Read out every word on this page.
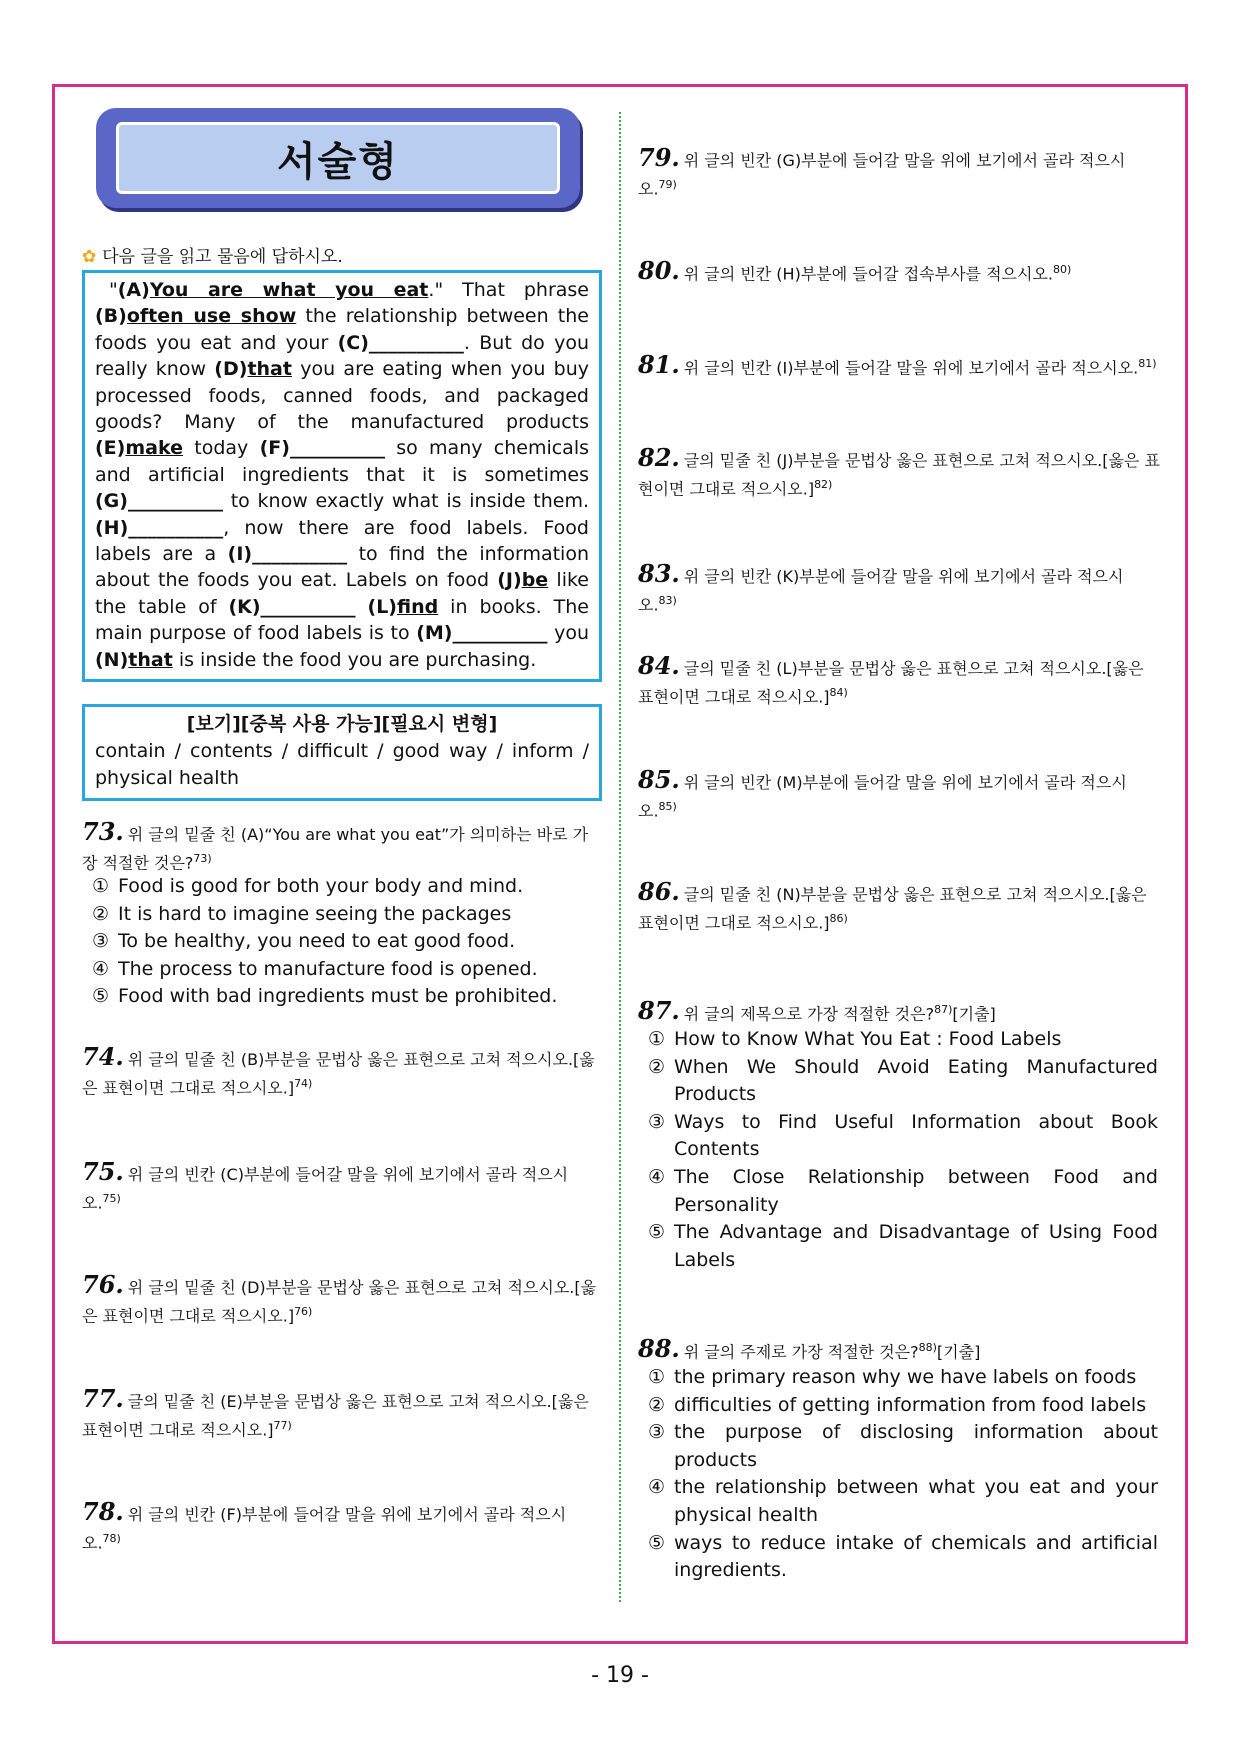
서술형
✿ 다음 글을 읽고 물음에 답하시오.
"(A)You are what you eat." That phrase (B)often use show the relationship between the foods you eat and your (C)__________. But do you really know (D)that you are eating when you buy processed foods, canned foods, and packaged goods? Many of the manufactured products (E)make today (F)__________ so many chemicals and artificial ingredients that it is sometimes (G)__________ to know exactly what is inside them. (H)__________, now there are food labels. Food labels are a (I)__________ to find the information about the foods you eat. Labels on food (J)be like the table of (K)__________ (L)find in books. The main purpose of food labels is to (M)__________ you (N)that is inside the food you are purchasing.
[보기][중복 사용 가능][필요시 변형]
contain / contents / difficult / good way / inform / physical health
73. 위 글의 밑줄 친 (A)“You are what you eat”가 의미하는 바로 가장 적절한 것은?$^{73)}$
① Food is good for both your body and mind.
② It is hard to imagine seeing the packages
③ To be healthy, you need to eat good food.
④ The process to manufacture food is opened.
⑤ Food with bad ingredients must be prohibited.
74. 위 글의 밑줄 친 (B)부분을 문법상 옳은 표현으로 고쳐 적으시오.[옳은 표현이면 그대로 적으시오.]$^{74)}$
75. 위 글의 빈칸 (C)부분에 들어갈 말을 위에 보기에서 골라 적으시오.$^{75)}$
76. 위 글의 밑줄 친 (D)부분을 문법상 옳은 표현으로 고쳐 적으시오.[옳은 표현이면 그대로 적으시오.]$^{76)}$
77. 글의 밑줄 친 (E)부분을 문법상 옳은 표현으로 고쳐 적으시오.[옳은 표현이면 그대로 적으시오.]$^{77)}$
78. 위 글의 빈칸 (F)부분에 들어갈 말을 위에 보기에서 골라 적으시오.$^{78)}$
79. 위 글의 빈칸 (G)부분에 들어갈 말을 위에 보기에서 골라 적으시오.$^{79)}$
80. 위 글의 빈칸 (H)부분에 들어갈 접속부사를 적으시오.$^{80)}$
81. 위 글의 빈칸 (I)부분에 들어갈 말을 위에 보기에서 골라 적으시오.$^{81)}$
82. 글의 밑줄 친 (J)부분을 문법상 옳은 표현으로 고쳐 적으시오.[옳은 표현이면 그대로 적으시오.]$^{82)}$
83. 위 글의 빈칸 (K)부분에 들어갈 말을 위에 보기에서 골라 적으시오.$^{83)}$
84. 글의 밑줄 친 (L)부분을 문법상 옳은 표현으로 고쳐 적으시오.[옳은 표현이면 그대로 적으시오.]$^{84)}$
85. 위 글의 빈칸 (M)부분에 들어갈 말을 위에 보기에서 골라 적으시오.$^{85)}$
86. 글의 밑줄 친 (N)부분을 문법상 옳은 표현으로 고쳐 적으시오.[옳은 표현이면 그대로 적으시오.]$^{86)}$
87. 위 글의 제목으로 가장 적절한 것은?$^{87)}$[기출]
① How to Know What You Eat : Food Labels
② When We Should Avoid Eating Manufactured Products
③ Ways to Find Useful Information about Book Contents
④ The Close Relationship between Food and Personality
⑤ The Advantage and Disadvantage of Using Food Labels
88. 위 글의 주제로 가장 적절한 것은?$^{88)}$[기출]
① the primary reason why we have labels on foods
② difficulties of getting information from food labels
③ the purpose of disclosing information about products
④ the relationship between what you eat and your physical health
⑤ ways to reduce intake of chemicals and artificial ingredients.
- 19 -
